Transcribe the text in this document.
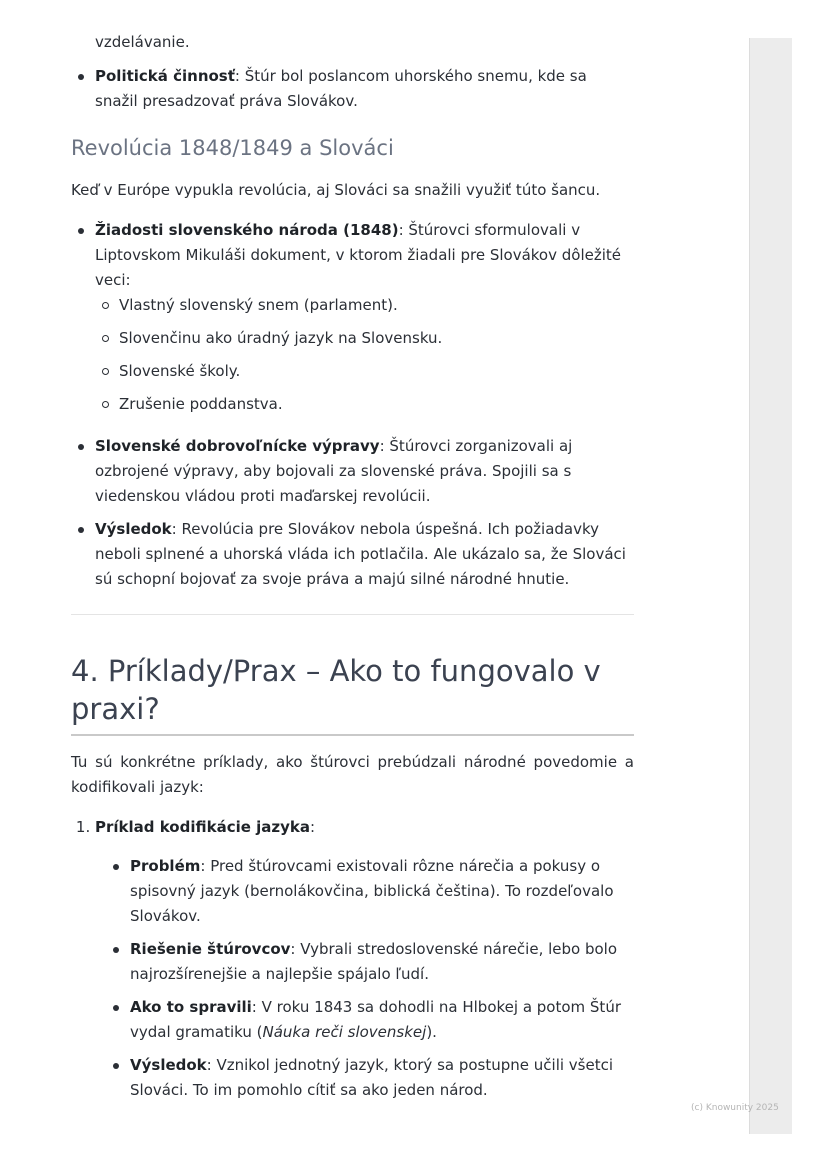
vzdelávanie.

Politická činnosť: Štúr bol poslancom uhorského snemu, kde sa snažil presadzovať práva Slovákov.
Revolúcia 1848/1849 a Slováci

Keď v Európe vypukla revolúcia, aj Slováci sa snažili využiť túto šancu.

Žiadosti slovenského národa (1848): Štúrovci sformulovali v Liptovskom Mikuláši dokument, v ktorom žiadali pre Slovákov dôležité veci:
Vlastný slovenský snem (parlament).
Slovenčinu ako úradný jazyk na Slovensku.
Slovenské školy.
Zrušenie poddanstva.
Slovenské dobrovoľnícke výpravy: Štúrovci zorganizovali aj ozbrojené výpravy, aby bojovali za slovenské práva. Spojili sa s viedenskou vládou proti maďarskej revolúcii.
Výsledok: Revolúcia pre Slovákov nebola úspešná. Ich požiadavky neboli splnené a uhorská vláda ich potlačila. Ale ukázalo sa, že Slováci sú schopní bojovať za svoje práva a majú silné národné hnutie.
4. Príklady/Prax – Ako to fungovalo v praxi?

Tu sú konkrétne príklady, ako štúrovci prebúdzali národné povedomie a kodifikovali jazyk:

1. Príklad kodifikácie jazyka:
Problém: Pred štúrovcami existovali rôzne nárečia a pokusy o spisovný jazyk (bernolákovčina, biblická čeština). To rozdeľovalo Slovákov.
Riešenie štúrovcov: Vybrali stredoslovenské nárečie, lebo bolo najrozšírenejšie a najlepšie spájalo ľudí.
Ako to spravili: V roku 1843 sa dohodli na Hlbokej a potom Štúr vydal gramatiku (Náuka reči slovenskej).
Výsledok: Vznikol jednotný jazyk, ktorý sa postupne učili všetci Slováci. To im pomohlo cítiť sa ako jeden národ.
(c) Knowunity 2025
